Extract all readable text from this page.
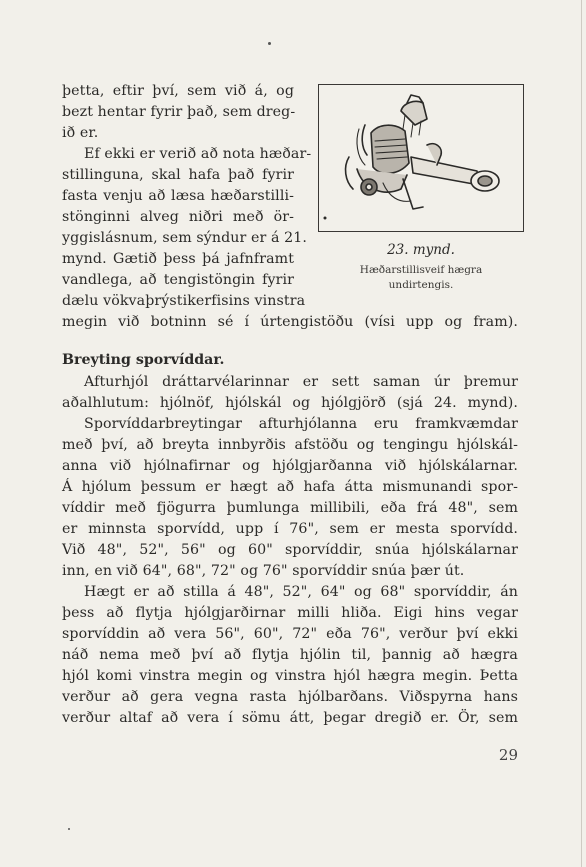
þetta, eftir því, sem við á, og
bezt hentar fyrir það, sem dreg-
ið er.
Ef ekki er verið að nota hæðar-
stillinguna, skal hafa það fyrir
fasta venju að læsa hæðarstilli-
stönginni alveg niðri með ör-
yggislásnum, sem sýndur er á 21.
mynd. Gætið þess þá jafnframt
vandlega, að tengistöngin fyrir
dælu vökvaþrýstikerfisins vinstra
megin við botninn sé í úrtengistöðu (vísi upp og fram).
23. mynd.
Hæðarstillisveif hægra
undirtengis.
Breyting sporvíddar.
Afturhjól dráttarvélarinnar er sett saman úr þremur
aðalhlutum: hjólnöf, hjólskál og hjólgjörð (sjá 24. mynd).
Sporvíddarbreytingar afturhjólanna eru framkvæmdar
með því, að breyta innbyrðis afstöðu og tengingu hjólskál-
anna við hjólnafirnar og hjólgjarðanna við hjólskálarnar.
Á hjólum þessum er hægt að hafa átta mismunandi spor-
víddir með fjögurra þumlunga millibili, eða frá 48", sem
er minnsta sporvídd, upp í 76", sem er mesta sporvídd.
Við 48", 52", 56" og 60" sporvíddir, snúa hjólskálarnar
inn, en við 64", 68", 72" og 76" sporvíddir snúa þær út.
Hægt er að stilla á 48", 52", 64" og 68" sporvíddir, án
þess að flytja hjólgjarðirnar milli hliða. Eigi hins vegar
sporvíddin að vera 56", 60", 72" eða 76", verður því ekki
náð nema með því að flytja hjólin til, þannig að hægra
hjól komi vinstra megin og vinstra hjól hægra megin. Þetta
verður að gera vegna rasta hjólbarðans. Viðspyrna hans
verður altaf að vera í sömu átt, þegar dregið er. Ör, sem
29
